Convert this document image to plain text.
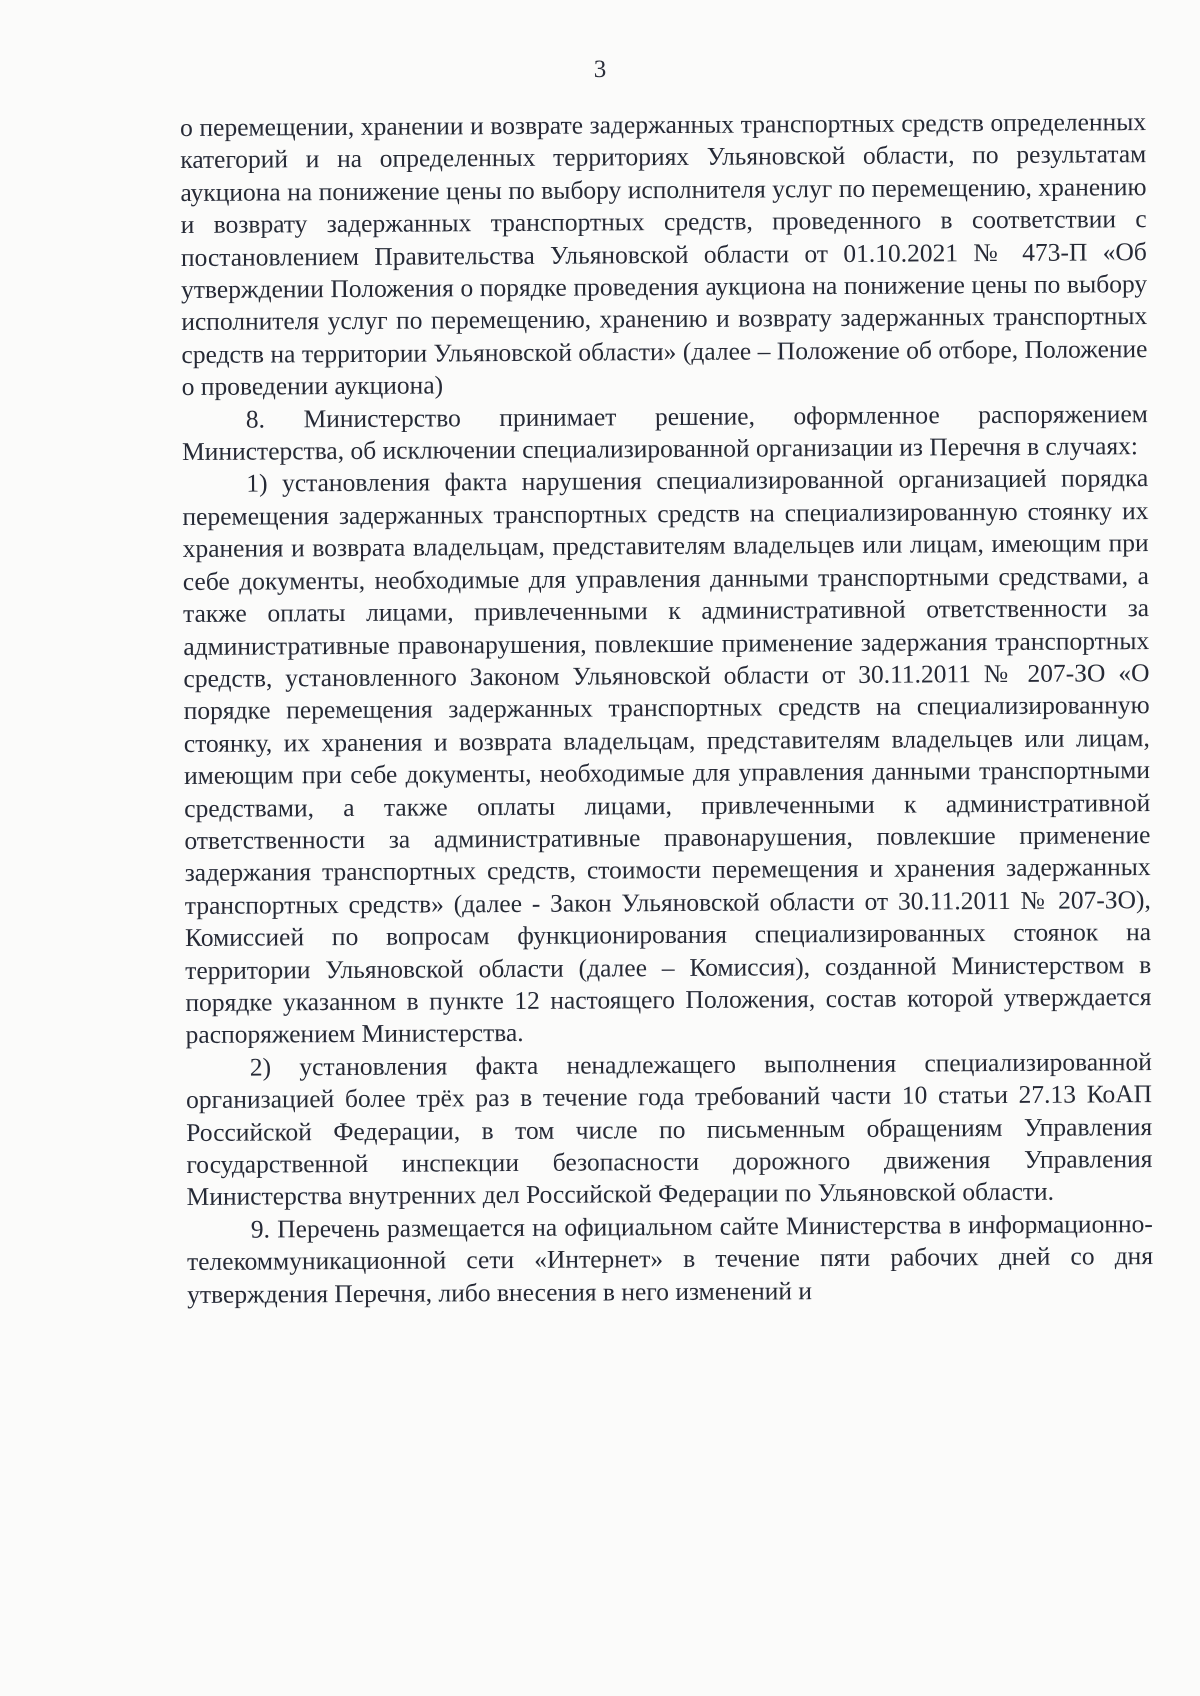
3

о перемещении, хранении и возврате задержанных транспортных средств определенных категорий и на определенных территориях Ульяновской области, по результатам аукциона на понижение цены по выбору исполнителя услуг по перемещению, хранению и возврату задержанных транспортных средств, проведенного в соответствии с постановлением Правительства Ульяновской области от 01.10.2021 № 473-П «Об утверждении Положения о порядке проведения аукциона на понижение цены по выбору исполнителя услуг по перемещению, хранению и возврату задержанных транспортных средств на территории Ульяновской области» (далее – Положение об отборе, Положение о проведении аукциона)

8. Министерство принимает решение, оформленное распоряжением Министерства, об исключении специализированной организации из Перечня в случаях:

1) установления факта нарушения специализированной организацией порядка перемещения задержанных транспортных средств на специализированную стоянку их хранения и возврата владельцам, представителям владельцев или лицам, имеющим при себе документы, необходимые для управления данными транспортными средствами, а также оплаты лицами, привлеченными к административной ответственности за административные правонарушения, повлекшие применение задержания транспортных средств, установленного Законом Ульяновской области от 30.11.2011 № 207-ЗО «О порядке перемещения задержанных транспортных средств на специализированную стоянку, их хранения и возврата владельцам, представителям владельцев или лицам, имеющим при себе документы, необходимые для управления данными транспортными средствами, а также оплаты лицами, привлеченными к административной ответственности за административные правонарушения, повлекшие применение задержания транспортных средств, стоимости перемещения и хранения задержанных транспортных средств» (далее - Закон Ульяновской области от 30.11.2011 № 207-ЗО), Комиссией по вопросам функционирования специализированных стоянок на территории Ульяновской области (далее – Комиссия), созданной Министерством в порядке указанном в пункте 12 настоящего Положения, состав которой утверждается распоряжением Министерства.

2) установления факта ненадлежащего выполнения специализированной организацией более трёх раз в течение года требований части 10 статьи 27.13 КоАП Российской Федерации, в том числе по письменным обращениям Управления государственной инспекции безопасности дорожного движения Управления Министерства внутренних дел Российской Федерации по Ульяновской области.

9. Перечень размещается на официальном сайте Министерства в информационно-телекоммуникационной сети «Интернет» в течение пяти рабочих дней со дня утверждения Перечня, либо внесения в него изменений и
